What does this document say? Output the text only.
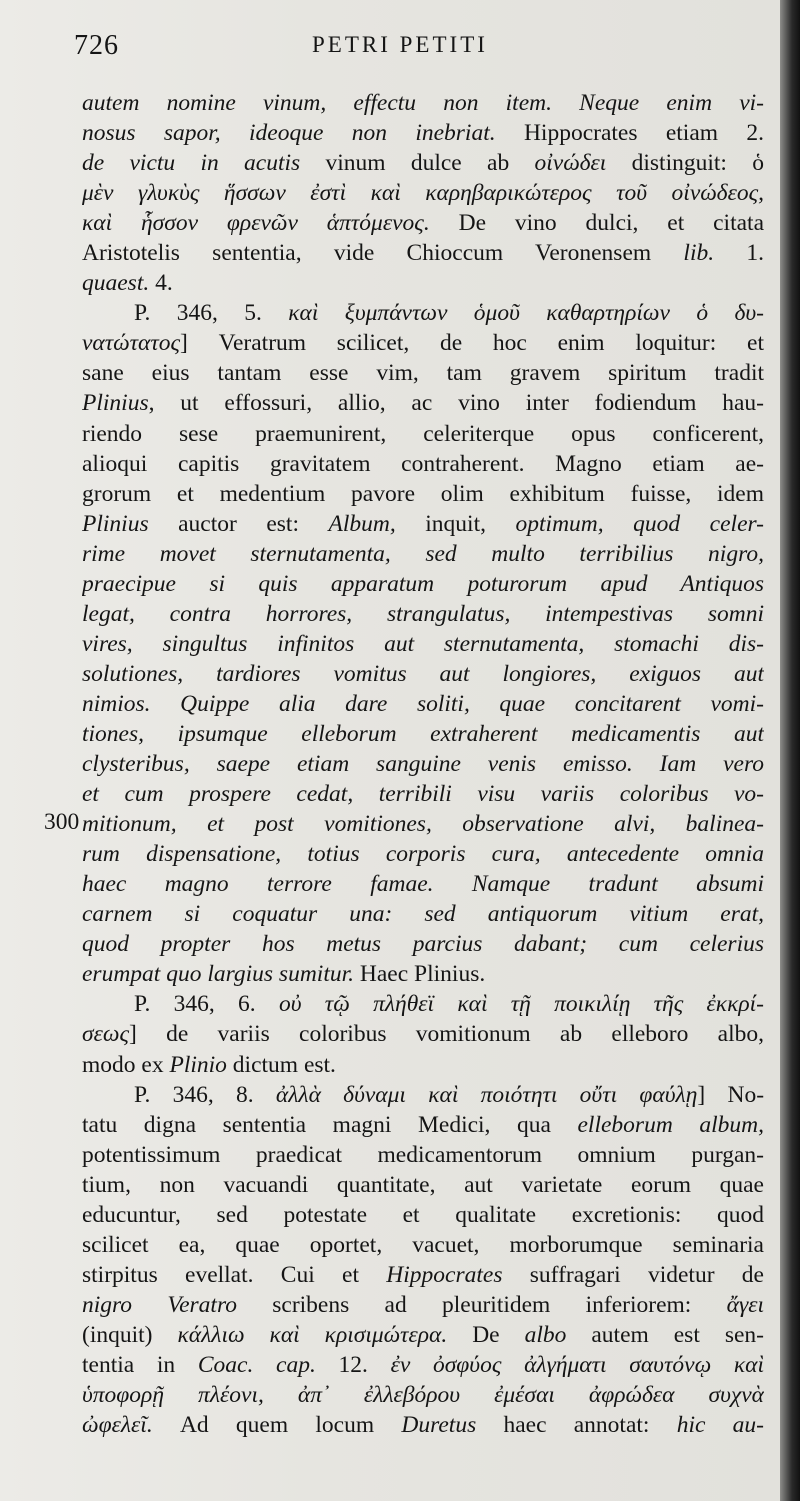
726	PETRI PETITI
300
autem nomine vinum, effectu non item. Neque enim vi-
nosus sapor, ideoque non inebriat. Hippocrates etiam 2.
de victu in acutis vinum dulce ab οἰνώδει distinguit: ὁ
μὲν γλυκὺς ἥσσων ἐστὶ καὶ καρηβαρικώτερος τοῦ οἰνώδεος,
καὶ ἧσσον φρενῶν ἁπτόμενος. De vino dulci, et citata
Aristotelis sententia, vide Chioccum Veronensem lib. 1.
quaest. 4.
P. 346, 5. καὶ ξυμπάντων ὁμοῦ καθαρτηρίων ὁ δυ-
νατώτατος] Veratrum scilicet, de hoc enim loquitur: et
sane eius tantam esse vim, tam gravem spiritum tradit
Plinius, ut effossuri, allio, ac vino inter fodiendum hau-
riendo sese praemunirent, celeriterque opus conficerent,
alioqui capitis gravitatem contraherent. Magno etiam ae-
grorum et medentium pavore olim exhibitum fuisse, idem
Plinius auctor est: Album, inquit, optimum, quod celer-
rime movet sternutamenta, sed multo terribilius nigro,
praecipue si quis apparatum poturorum apud Antiquos
legat, contra horrores, strangulatus, intempestivas somni
vires, singultus infinitos aut sternutamenta, stomachi dis-
solutiones, tardiores vomitus aut longiores, exiguos aut
nimios. Quippe alia dare soliti, quae concitarent vomi-
tiones, ipsumque elleborum extraherent medicamentis aut
clysteribus, saepe etiam sanguine venis emisso. Iam vero
et cum prospere cedat, terribili visu variis coloribus vo-
mitionum, et post vomitiones, observatione alvi, balinea-
rum dispensatione, totius corporis cura, antecedente omnia
haec magno terrore famae. Namque tradunt absumi
carnem si coquatur una: sed antiquorum vitium erat,
quod propter hos metus parcius dabant; cum celerius
erumpat quo largius sumitur. Haec Plinius.
P. 346, 6. οὐ τῷ πλήθεϊ καὶ τῇ ποικιλίῃ τῆς ἐκκρί-
σεως] de variis coloribus vomitionum ab elleboro albo,
modo ex Plinio dictum est.
P. 346, 8. ἀλλὰ δύναμι καὶ ποιότητι οὔτι φαύλῃ] No-
tatu digna sententia magni Medici, qua elleborum album,
potentissimum praedicat medicamentorum omnium purgan-
tium, non vacuandi quantitate, aut varietate eorum quae
educuntur, sed potestate et qualitate excretionis: quod
scilicet ea, quae oportet, vacuet, morborumque seminaria
stirpitus evellat. Cui et Hippocrates suffragari videtur de
nigro Veratro scribens ad pleuritidem inferiorem: ἄγει
(inquit) κάλλιω καὶ κρισιμώτερα. De albo autem est sen-
tentia in Coac. cap. 12. ἐν ὀσφύος ἀλγήματι σαυτόνῳ καὶ
ὑποφορῇ πλέονι, ἀπ᾿ ἐλλεβόρου ἐμέσαι ἀφρώδεα συχνὰ
ὠφελεῖ. Ad quem locum Duretus haec annotat: hic au-
